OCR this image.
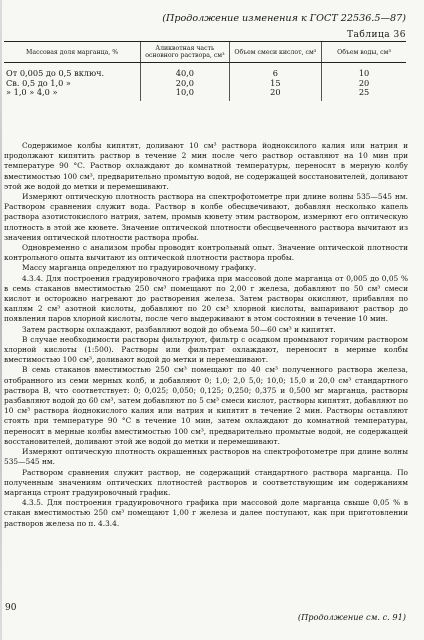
(Продолжение изменения к ГОСТ 22536.5—87)
Таблица 36
Массовая доля марганца, %	Аликвотная часть основного раствора, см³	Объем смеси кислот, см³	Объем воды, см³
От 0,005 до 0,5 включ.	40,0	6	10
Св. 0,5 до 1,0 »	20,0	15	20
» 1,0 » 4,0 »	10,0	20	25

Содержимое колбы кипятят, доливают 10 см³ раствора йодноксилого калия или натрия и продолжают кипятить раствор в течение 2 мин после чего раствор оставляют на 10 мин при температуре 90 °С. Раствор охлаждают до комнатной температуры, переносят в мерную колбу вместимостью 100 см³, предварительно промытую водой, не содержащей восстановителей, доливают этой же водой до метки и перемешивают.

Измеряют оптическую плотность раствора на спектрофотометре при длине волны 535—545 нм. Раствором сравнения служит вода. Раствор в колбе обесцвечивают, добавляя несколько капель раствора азотистокислого натрия, затем, промыв кювету этим раствором, измеряют его оптическую плотность в этой же кювете. Значение оптической плотности обесцвеченного раствора вычитают из значения оптической плотности раствора пробы.

Одновременно с анализом пробы проводят контрольный опыт. Значение оптической плотности контрольного опыта вычитают из оптической плотности раствора пробы.

Массу марганца определяют по градуировочному графику.

4.3.4. Для построения градуировочного графика при массовой доле марганца от 0,005 до 0,05 % в семь стаканов вместимостью 250 см³ помещают по 2,00 г железа, добавляют по 50 см³ смеси кислот и осторожно нагревают до растворения железа. Затем растворы окисляют, прибавляя по каплям 2 см³ азотной кислоты, добавляют по 20 см³ хлорной кислоты, выпаривают раствор до появления паров хлорной кислоты, после чего выдерживают в этом состоянии в течение 10 мин.

Затем растворы охлаждают, разбавляют водой до объема 50—60 см³ и кипятят.

В случае необходимости растворы фильтруют, фильтр с осадком промывают горячим раствором хлорной кислоты (1:500). Растворы или фильтрат охлаждают, переносят в мерные колбы вместимостью 100 см³, доливают водой до метки и перемешивают.

В семь стаканов вместимостью 250 см³ помещают по 40 см³ полученного раствора железа, отобранного из семи мерных колб, и добавляют 0; 1,0; 2,0 5,0; 10,0; 15,0 и 20,0 см³ стандартного раствора В, что соответствует: 0; 0,025; 0,050; 0,125; 0,250; 0,375 и 0,500 мг марганца, растворы разбавляют водой до 60 см³, затем добавляют по 5 см³ смеси кислот, растворы кипятят, добавляют по 10 см³ раствора йоднокислого калия или натрия и кипятят в течение 2 мин. Растворы оставляют стоять при температуре 90 °С в течение 10 мин, затем охлаждают до комнатной температуры, переносят в мерные колбы вместимостью 100 см³, предварительно промытые водой, не содержащей восстановителей, доливают этой же водой до метки и перемешивают.

Измеряют оптическую плотность окрашенных растворов на спектрофотометре при длине волны 535—545 нм.

Раствором сравнения служит раствор, не содержащий стандартного раствора марганца. По полученным значениям оптических плотностей растворов и соответствующим им содержаниям марганца строят градуировочный график.

4.3.5. Для построения градуировочного графика при массовой доле марганца свыше 0,05 % в стакан вместимостью 250 см³ помещают 1,00 г железа и далее поступают, как при приготовлении растворов железа по п. 4.3.4.

90
(Продолжение см. с. 91)
